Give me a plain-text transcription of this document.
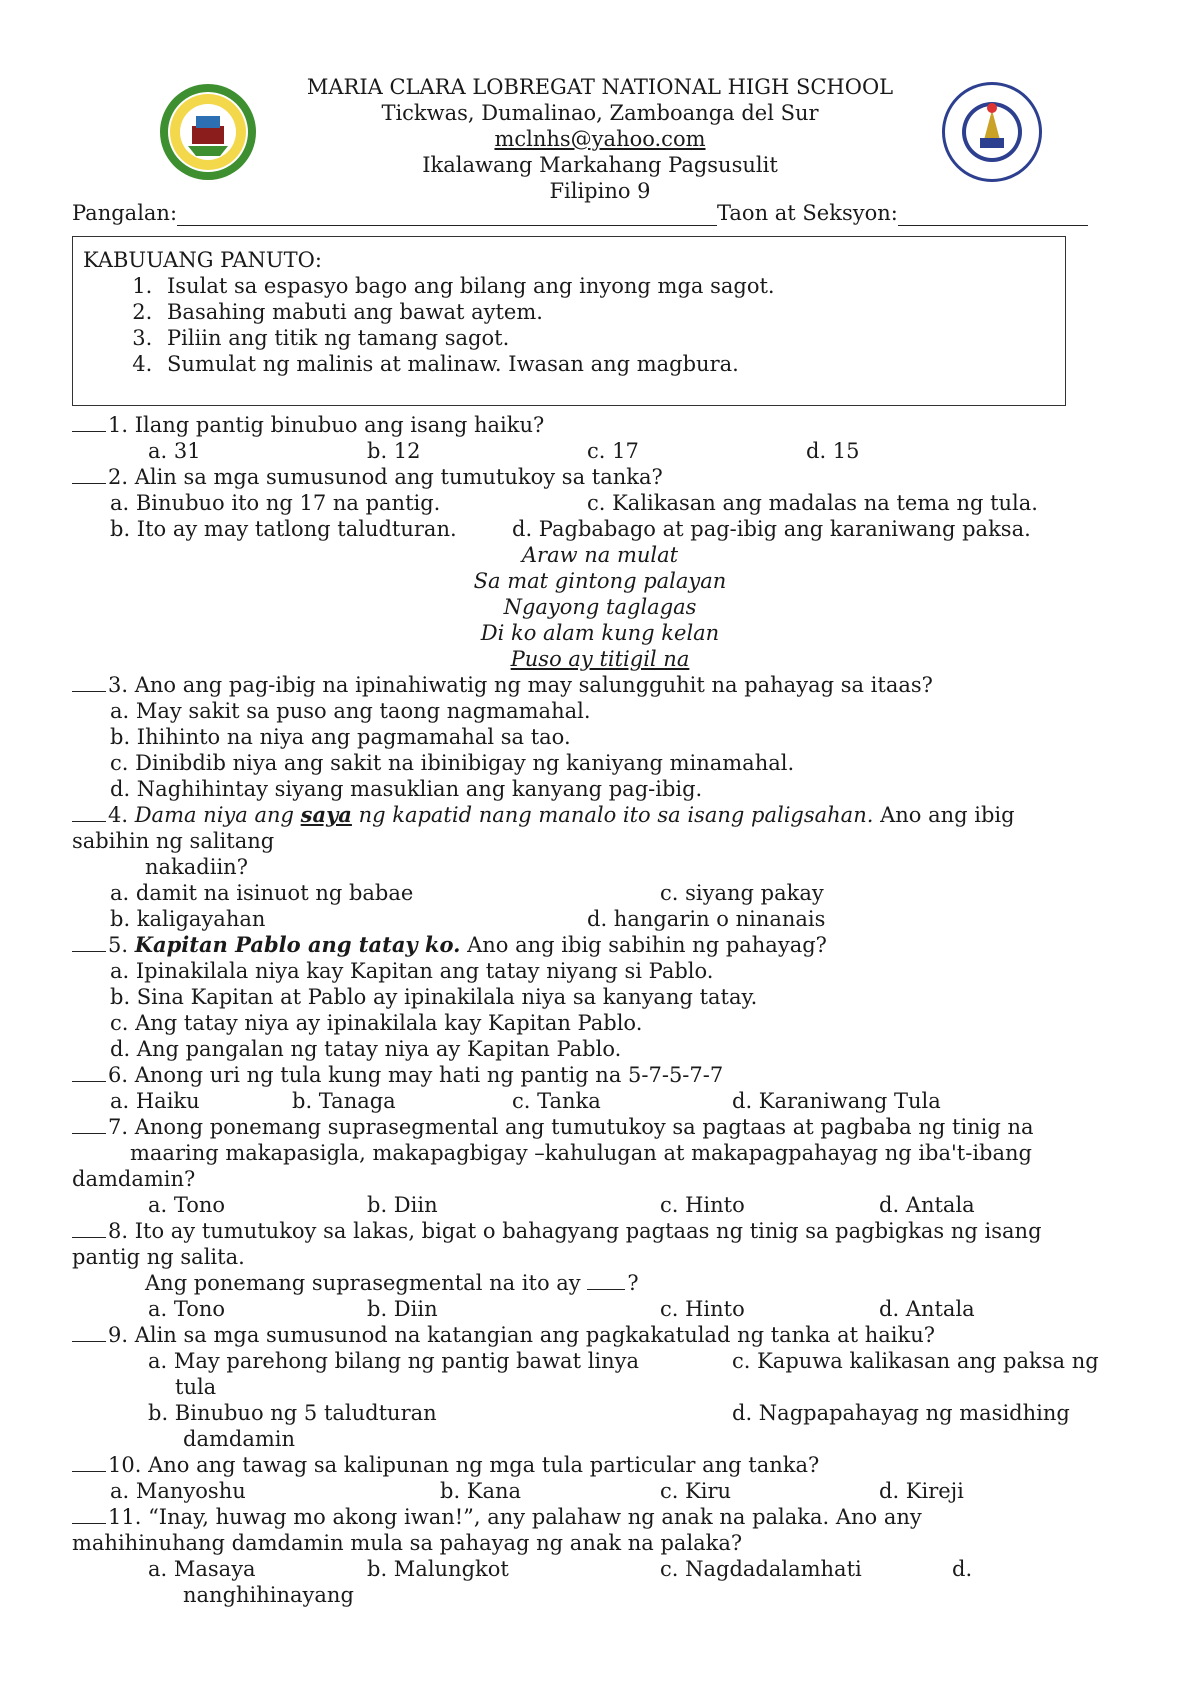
MARIA CLARA LOBREGAT NATIONAL HIGH SCHOOL
Tickwas, Dumalinao, Zamboanga del Sur
mclnhs@yahoo.com
Ikalawang Markahang Pagsusulit
Filipino 9
Pangalan:	Taon at Seksyon:
KABUUANG PANUTO:
1. Isulat sa espasyo bago ang bilang ang inyong mga sagot.
2. Basahing mabuti ang bawat aytem.
3. Piliin ang titik ng tamang sagot.
4. Sumulat ng malinis at malinaw. Iwasan ang magbura.
1. Ilang pantig binubuo ang isang haiku?
a. 31	b. 12	c. 17	d. 15
2. Alin sa mga sumusunod ang tumutukoy sa tanka?
a. Binubuo ito ng 17 na pantig.	c. Kalikasan ang madalas na tema ng tula.
b. Ito ay may tatlong taludturan.	d. Pagbabago at pag-ibig ang karaniwang paksa.
Araw na mulat
Sa mat gintong palayan
Ngayong taglagas
Di ko alam kung kelan
Puso ay titigil na
3. Ano ang pag-ibig na ipinahiwatig ng may salungguhit na pahayag sa itaas?
a. May sakit sa puso ang taong nagmamahal.
b. Ihihinto na niya ang pagmamahal sa tao.
c. Dinibdib niya ang sakit na ibinibigay ng kaniyang minamahal.
d. Naghihintay siyang masuklian ang kanyang pag-ibig.
4. Dama niya ang saya ng kapatid nang manalo ito sa isang paligsahan. Ano ang ibig
sabihin ng salitang
nakadiin?
a. damit na isinuot ng babae	c. siyang pakay
b. kaligayahan	d. hangarin o ninanais
5. Kapitan Pablo ang tatay ko. Ano ang ibig sabihin ng pahayag?
a. Ipinakilala niya kay Kapitan ang tatay niyang si Pablo.
b. Sina Kapitan at Pablo ay ipinakilala niya sa kanyang tatay.
c. Ang tatay niya ay ipinakilala kay Kapitan Pablo.
d. Ang pangalan ng tatay niya ay Kapitan Pablo.
6. Anong uri ng tula kung may hati ng pantig na 5-7-5-7-7
a. Haiku	b. Tanaga	c. Tanka	d. Karaniwang Tula
7. Anong ponemang suprasegmental ang tumutukoy sa pagtaas at pagbaba ng tinig na
maaring makapasigla, makapagbigay –kahulugan at makapagpahayag ng iba't-ibang
damdamin?
a. Tono	b. Diin	c. Hinto	d. Antala
8. Ito ay tumutukoy sa lakas, bigat o bahagyang pagtaas ng tinig sa pagbigkas ng isang
pantig ng salita.
Ang ponemang suprasegmental na ito ay ?
a. Tono	b. Diin	c. Hinto	d. Antala
9. Alin sa mga sumusunod na katangian ang pagkakatulad ng tanka at haiku?
a. May parehong bilang ng pantig bawat linya	c. Kapuwa kalikasan ang paksa ng
tula
b. Binubuo ng 5 taludturan	d. Nagpapahayag ng masidhing
damdamin
10. Ano ang tawag sa kalipunan ng mga tula particular ang tanka?
a. Manyoshu	b. Kana	c. Kiru	d. Kireji
11. “Inay, huwag mo akong iwan!”, any palahaw ng anak na palaka. Ano any
mahihinuhang damdamin mula sa pahayag ng anak na palaka?
a. Masaya	b. Malungkot	c. Nagdadalamhati	d.
nanghihinayang
